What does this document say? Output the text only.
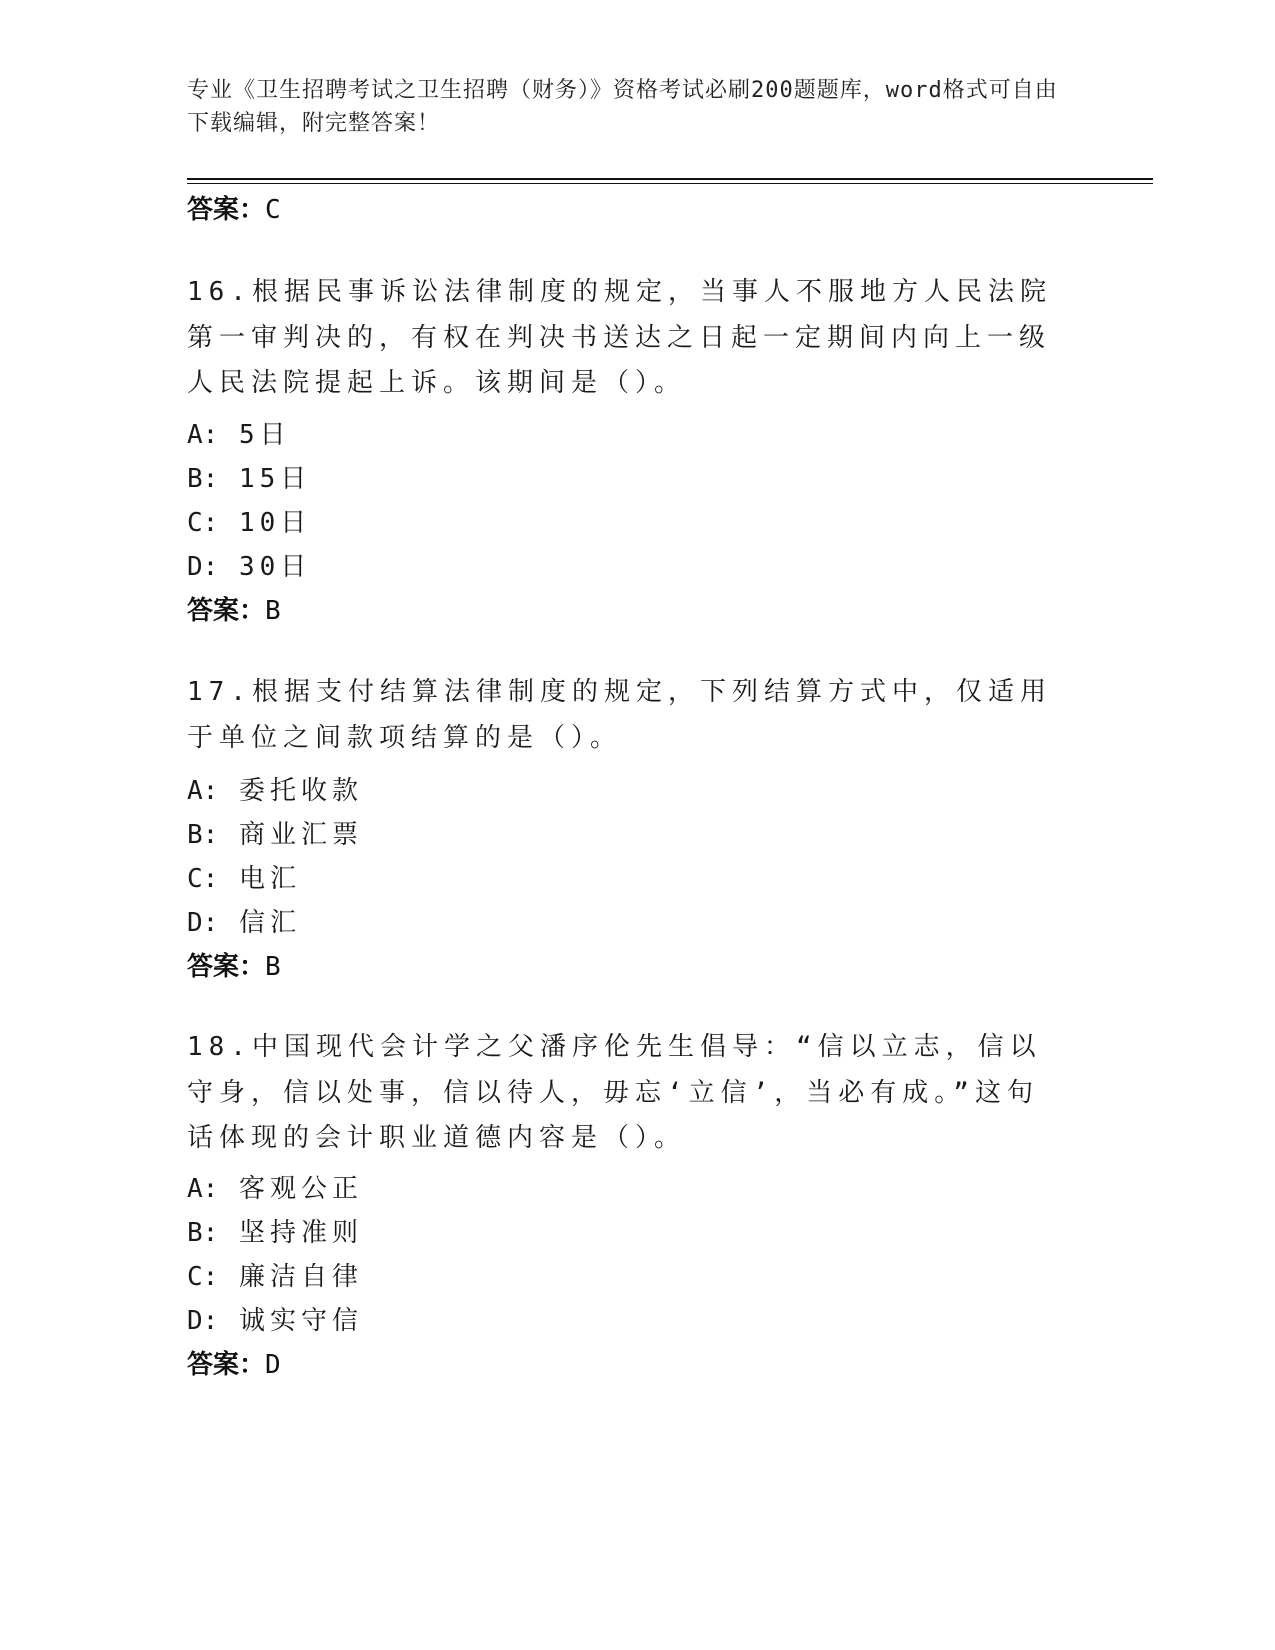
专业《卫生招聘考试之卫生招聘（财务）》资格考试必刷200题题库，word格式可自由下载编辑，附完整答案！
答案：C
16.根据民事诉讼法律制度的规定，当事人不服地方人民法院第一审判决的，有权在判决书送达之日起一定期间内向上一级人民法院提起上诉。该期间是（）。
A: 5日
B: 15日
C: 10日
D: 30日
答案：B
17.根据支付结算法律制度的规定，下列结算方式中，仅适用于单位之间款项结算的是（）。
A: 委托收款
B: 商业汇票
C: 电汇
D: 信汇
答案：B
18.中国现代会计学之父潘序伦先生倡导：“信以立志，信以守身，信以处事，信以待人，毋忘‘立信’，当必有成。”这句话体现的会计职业道德内容是（）。
A: 客观公正
B: 坚持准则
C: 廉洁自律
D: 诚实守信
答案：D
